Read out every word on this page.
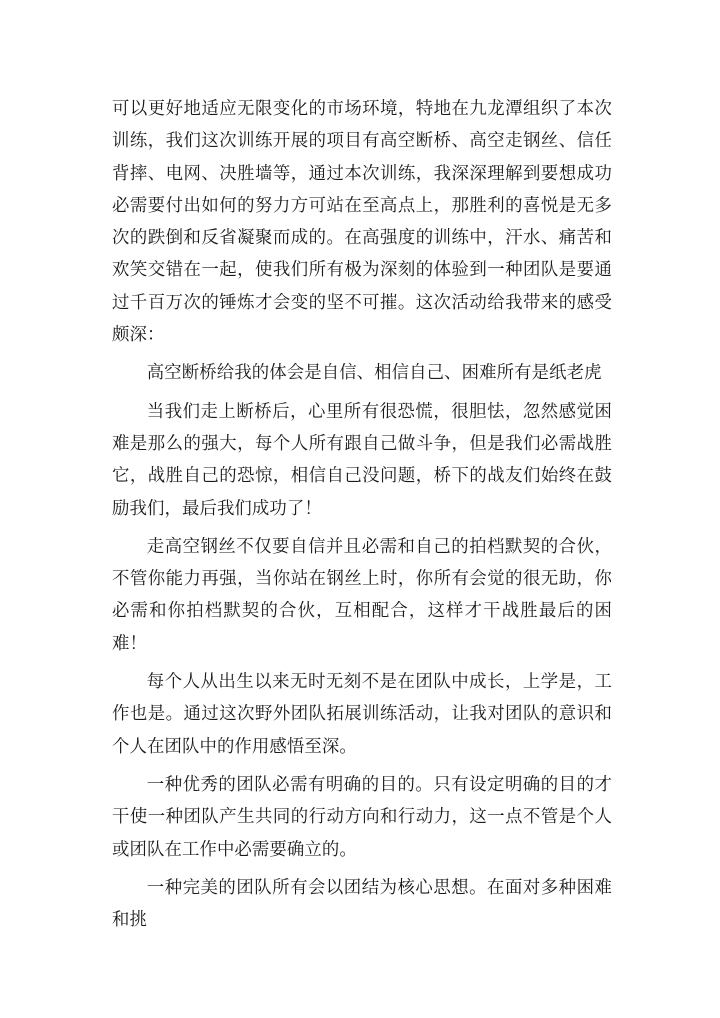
可以更好地适应无限变化的市场环境，特地在九龙潭组织了本次训练，我们这次训练开展的项目有高空断桥、高空走钢丝、信任背摔、电网、决胜墙等，通过本次训练，我深深理解到要想成功必需要付出如何的努力方可站在至高点上，那胜利的喜悦是无多次的跌倒和反省凝聚而成的。在高强度的训练中，汗水、痛苦和欢笑交错在一起，使我们所有极为深刻的体验到一种团队是要通过千百万次的锤炼才会变的坚不可摧。这次活动给我带来的感受颇深：

高空断桥给我的体会是自信、相信自己、困难所有是纸老虎

当我们走上断桥后，心里所有很恐慌，很胆怯，忽然感觉困难是那么的强大，每个人所有跟自己做斗争，但是我们必需战胜它，战胜自己的恐惊，相信自己没问题，桥下的战友们始终在鼓励我们，最后我们成功了！

走高空钢丝不仅要自信并且必需和自己的拍档默契的合伙，不管你能力再强，当你站在钢丝上时，你所有会觉的很无助，你必需和你拍档默契的合伙，互相配合，这样才干战胜最后的困难！

每个人从出生以来无时无刻不是在团队中成长，上学是，工作也是。通过这次野外团队拓展训练活动，让我对团队的意识和个人在团队中的作用感悟至深。

一种优秀的团队必需有明确的目的。只有设定明确的目的才干使一种团队产生共同的行动方向和行动力，这一点不管是个人或团队在工作中必需要确立的。

一种完美的团队所有会以团结为核心思想。在面对多种困难和挑
